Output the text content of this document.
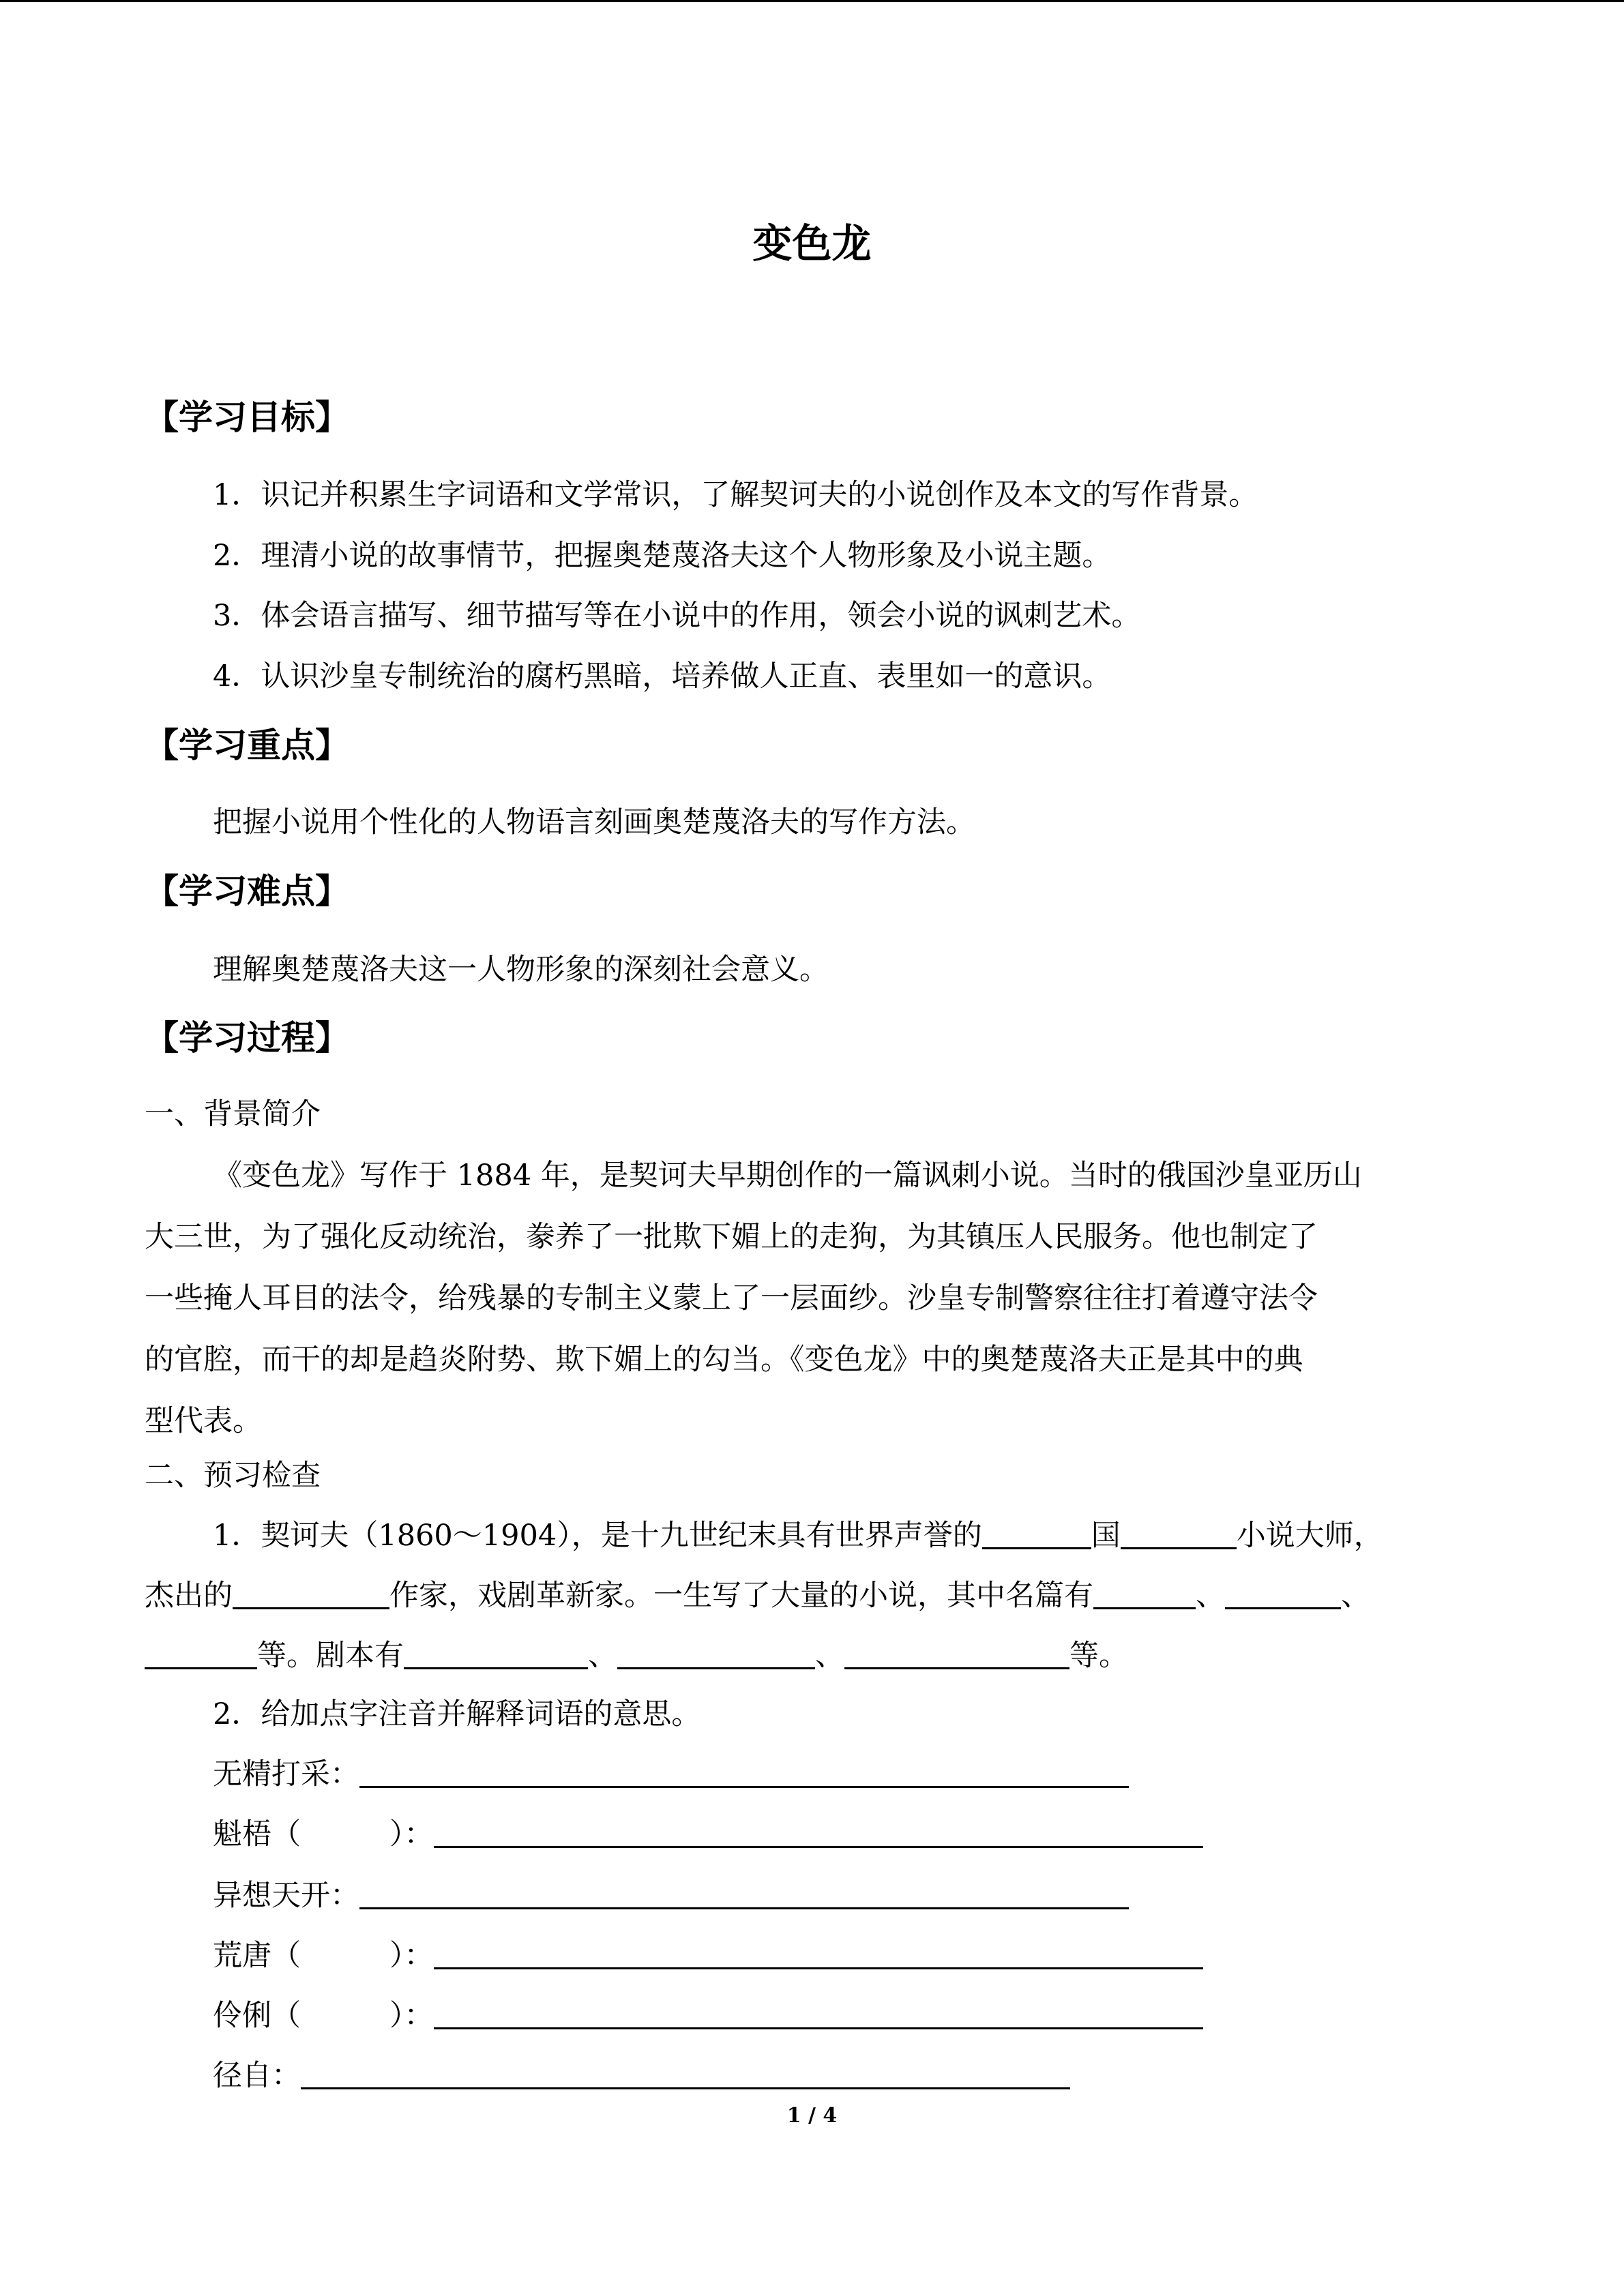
变色龙
【学习目标】
1．识记并积累生字词语和文学常识，了解契诃夫的小说创作及本文的写作背景。
2．理清小说的故事情节，把握奥楚蔑洛夫这个人物形象及小说主题。
3．体会语言描写、细节描写等在小说中的作用，领会小说的讽刺艺术。
4．认识沙皇专制统治的腐朽黑暗，培养做人正直、表里如一的意识。
【学习重点】
把握小说用个性化的人物语言刻画奥楚蔑洛夫的写作方法。
【学习难点】
理解奥楚蔑洛夫这一人物形象的深刻社会意义。
【学习过程】
一、背景简介
《变色龙》写作于 1884 年，是契诃夫早期创作的一篇讽刺小说。当时的俄国沙皇亚历山
大三世，为了强化反动统治，豢养了一批欺下媚上的走狗，为其镇压人民服务。他也制定了
一些掩人耳目的法令，给残暴的专制主义蒙上了一层面纱。沙皇专制警察往往打着遵守法令
的官腔，而干的却是趋炎附势、欺下媚上的勾当。《变色龙》中的奥楚蔑洛夫正是其中的典
型代表。
二、预习检查
1．契诃夫（1860～1904），是十九世纪末具有世界声誉的	国	小说大师，
杰出的	作家，戏剧革新家。一生写了大量的小说，其中名篇有	、	、
等。剧本有	、	、	等。
2．给加点字注音并解释词语的意思。
无精打采：
魁梧（	）：
异想天开：
荒唐（	）：
伶俐（	）：
径自：
1 / 4
